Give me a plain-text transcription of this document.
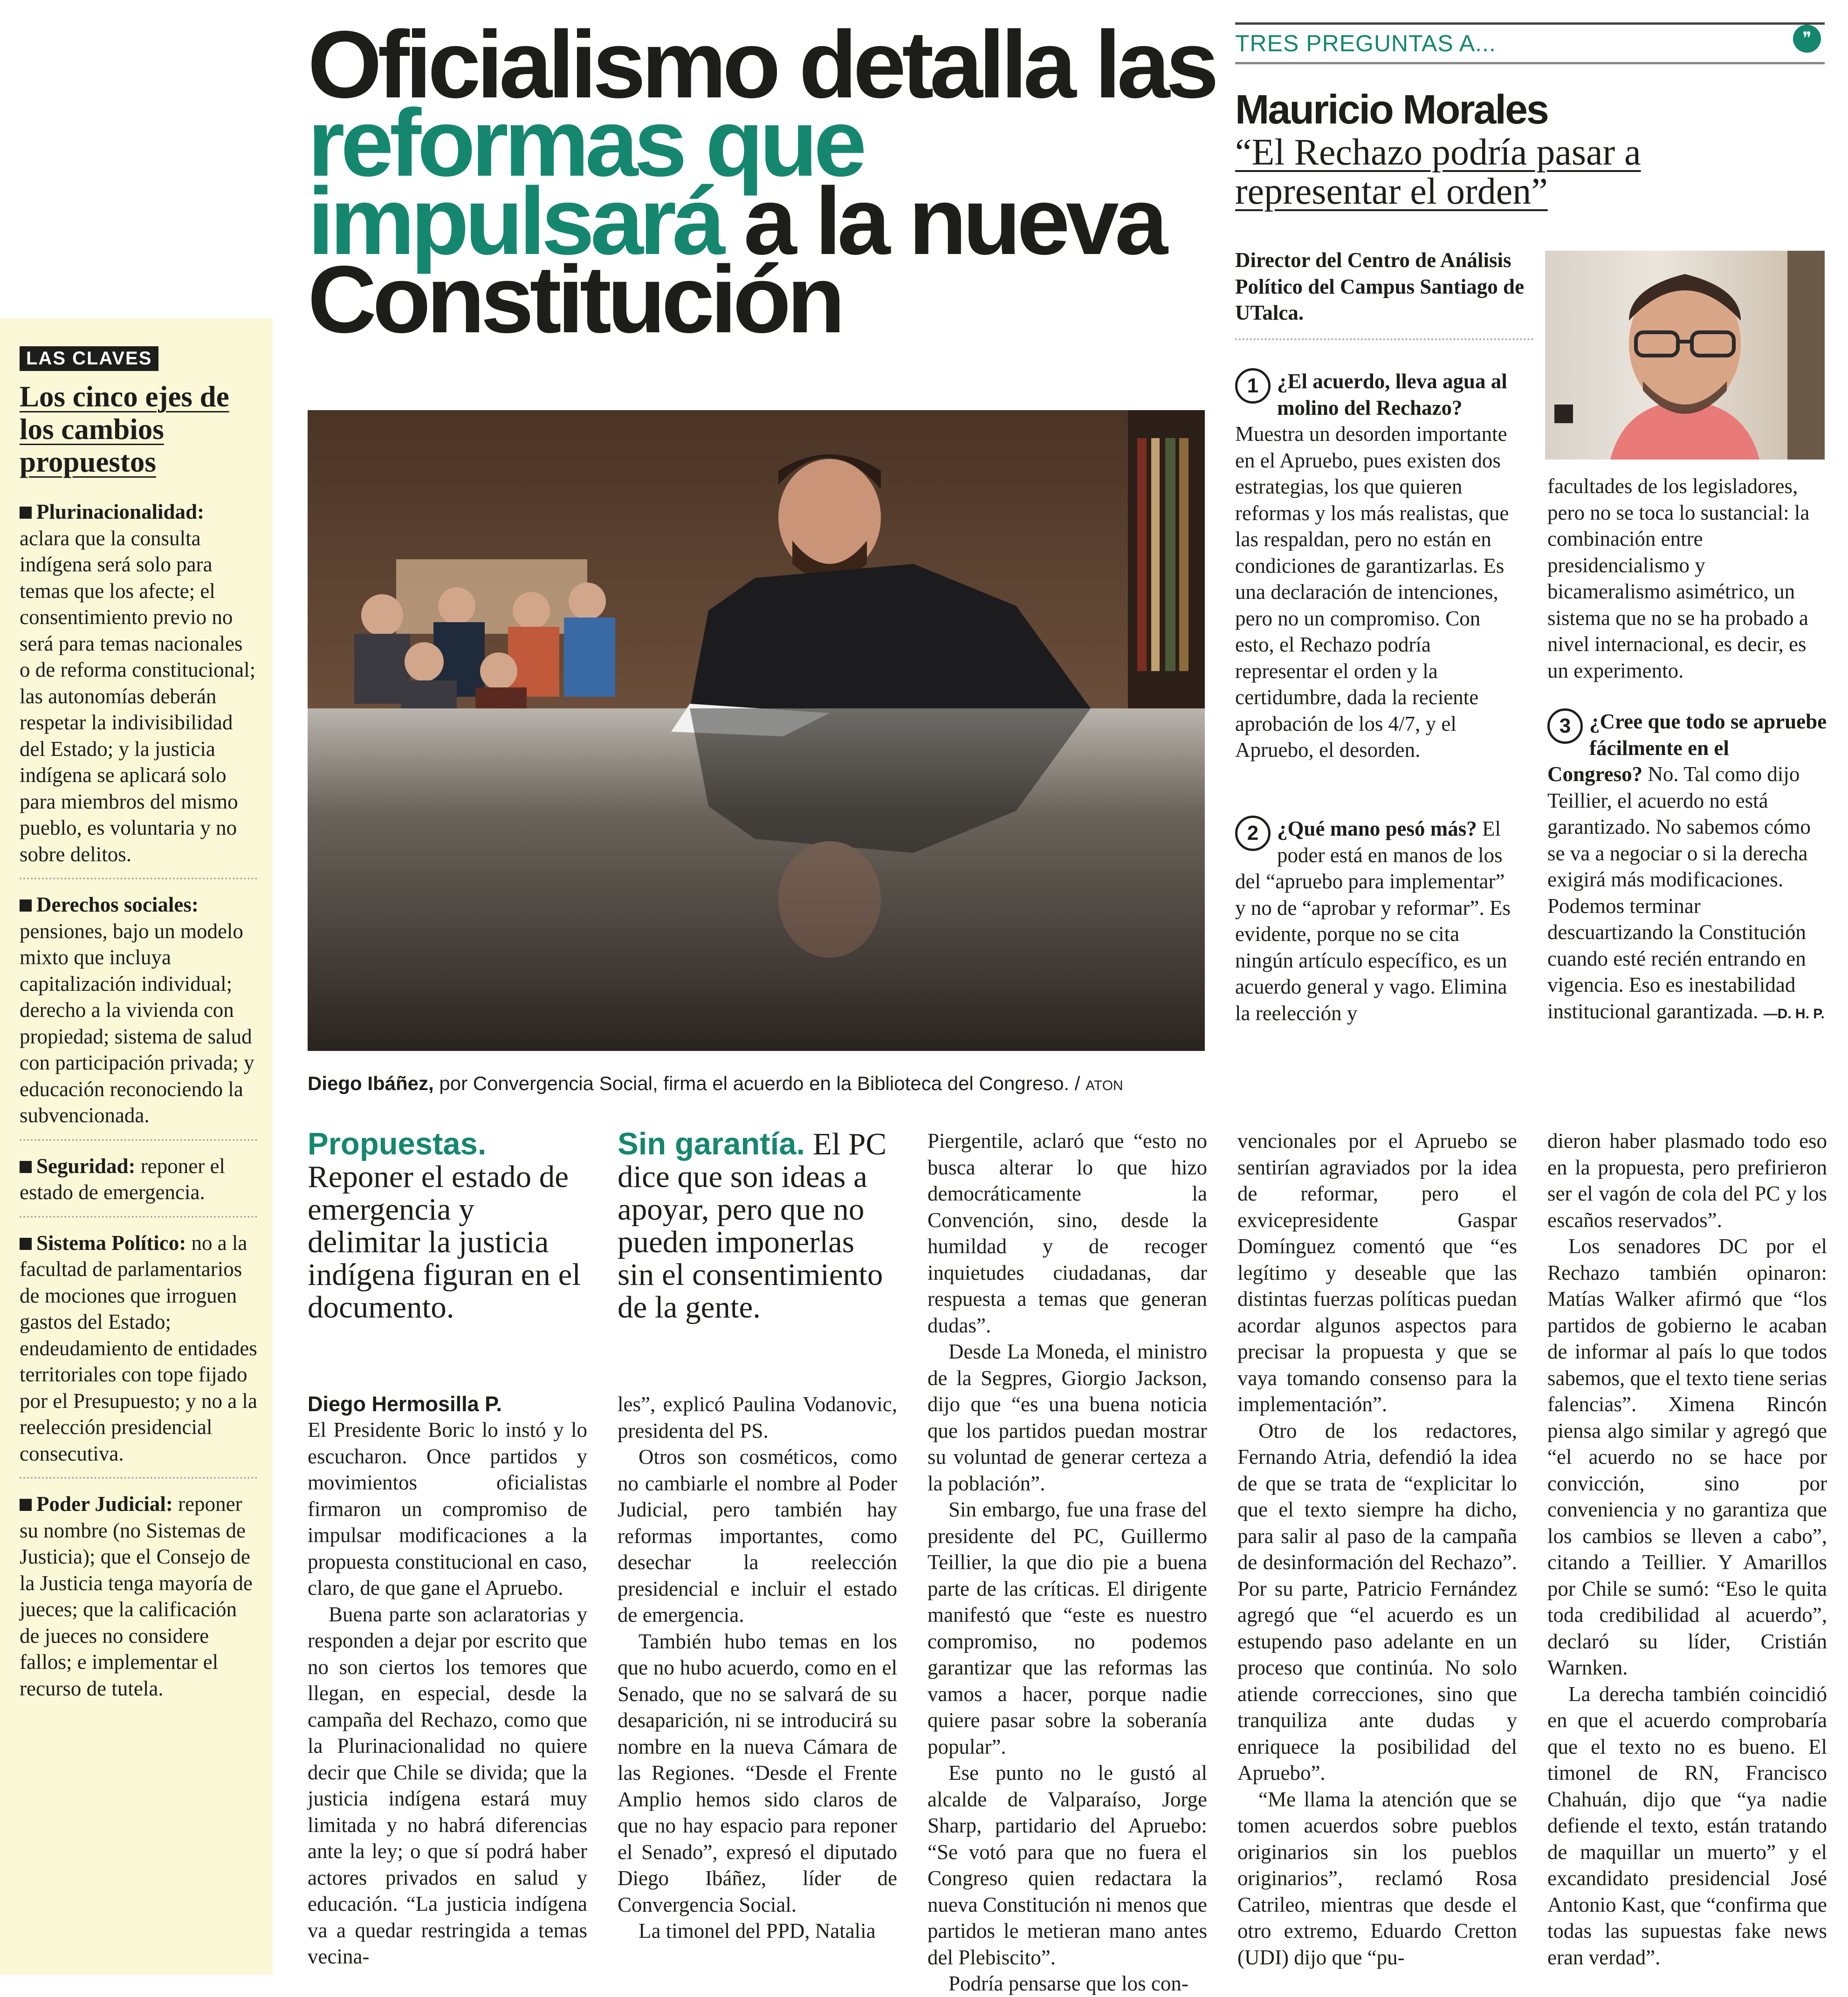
LAS CLAVES
Los cinco ejes de los cambios propuestos
Plurinacionalidad: aclara que la consulta indígena será solo para temas que los afecte; el consentimiento previo no será para temas nacionales o de reforma constitucional; las autonomías deberán respetar la indivisibilidad del Estado; y la justicia indígena se aplicará solo para miembros del mismo pueblo, es voluntaria y no sobre delitos.
Derechos sociales: pensiones, bajo un modelo mixto que incluya capitalización individual; derecho a la vivienda con propiedad; sistema de salud con participación privada; y educación reconociendo la subvencionada.
Seguridad: reponer el estado de emergencia.
Sistema Político: no a la facultad de parlamentarios de mociones que irroguen gastos del Estado; endeudamiento de entidades territoriales con tope fijado por el Presupuesto; y no a la reelección presidencial consecutiva.
Poder Judicial: reponer su nombre (no Sistemas de Justicia); que el Consejo de la Justicia tenga mayoría de jueces; que la calificación de jueces no considere fallos; e implementar el recurso de tutela.
Oficialismo detalla las reformas que
impulsará a la nueva Constitución
Diego Ibáñez, por Convergencia Social, firma el acuerdo en la Biblioteca del Congreso. / ATON
Propuestas. Reponer el estado de emergencia y delimitar la justicia indígena figuran en el documento.
Sin garantía. El PC dice que son ideas a apoyar, pero que no pueden imponerlas sin el consentimiento de la gente.
Diego Hermosilla P.

El Presidente Boric lo instó y lo escucharon. Once partidos y movimientos oficialistas firmaron un compromiso de impulsar modificaciones a la propuesta constitucional en caso, claro, de que gane el Apruebo.

Buena parte son aclaratorias y responden a dejar por escrito que no son ciertos los temores que llegan, en especial, desde la campaña del Rechazo, como que la Plurinacionalidad no quiere decir que Chile se divida; que la justicia indígena estará muy limitada y no habrá diferencias ante la ley; o que sí podrá haber actores privados en salud y educación. “La justicia indígena va a quedar restringida a temas vecina-

les”, explicó Paulina Vodanovic, presidenta del PS.

Otros son cosméticos, como no cambiarle el nombre al Poder Judicial, pero también hay reformas importantes, como desechar la reelección presidencial e incluir el estado de emergencia.

También hubo temas en los que no hubo acuerdo, como en el Senado, que no se salvará de su desaparición, ni se introducirá su nombre en la nueva Cámara de las Regiones. “Desde el Frente Amplio hemos sido claros de que no hay espacio para reponer el Senado”, expresó el diputado Diego Ibáñez, líder de Convergencia Social.

La timonel del PPD, Natalia

Piergentile, aclaró que “esto no busca alterar lo que hizo democráticamente la Convención, sino, desde la humildad y de recoger inquietudes ciudadanas, dar respuesta a temas que generan dudas”.

Desde La Moneda, el ministro de la Segpres, Giorgio Jackson, dijo que “es una buena noticia que los partidos puedan mostrar su voluntad de generar certeza a la población”.

Sin embargo, fue una frase del presidente del PC, Guillermo Teillier, la que dio pie a buena parte de las críticas. El dirigente manifestó que “este es nuestro compromiso, no podemos garantizar que las reformas las vamos a hacer, porque nadie quiere pasar sobre la soberanía popular”.

Ese punto no le gustó al alcalde de Valparaíso, Jorge Sharp, partidario del Apruebo: “Se votó para que no fuera el Congreso quien redactara la nueva Constitución ni menos que partidos le metieran mano antes del Plebiscito”.

Podría pensarse que los con-

vencionales por el Apruebo se sentirían agraviados por la idea de reformar, pero el exvicepresidente Gaspar Domínguez comentó que “es legítimo y deseable que las distintas fuerzas políticas puedan acordar algunos aspectos para precisar la propuesta y que se vaya tomando consenso para la implementación”.

Otro de los redactores, Fernando Atria, defendió la idea de que se trata de “explicitar lo que el texto siempre ha dicho, para salir al paso de la campaña de desinformación del Rechazo”. Por su parte, Patricio Fernández agregó que “el acuerdo es un estupendo paso adelante en un proceso que continúa. No solo atiende correcciones, sino que tranquiliza ante dudas y enriquece la posibilidad del Apruebo”.

“Me llama la atención que se tomen acuerdos sobre pueblos originarios sin los pueblos originarios”, reclamó Rosa Catrileo, mientras que desde el otro extremo, Eduardo Cretton (UDI) dijo que “pu-

dieron haber plasmado todo eso en la propuesta, pero prefirieron ser el vagón de cola del PC y los escaños reservados”.

Los senadores DC por el Rechazo también opinaron: Matías Walker afirmó que “los partidos de gobierno le acaban de informar al país lo que todos sabemos, que el texto tiene serias falencias”. Ximena Rincón piensa algo similar y agregó que “el acuerdo no se hace por convicción, sino por conveniencia y no garantiza que los cambios se lleven a cabo”, citando a Teillier. Y Amarillos por Chile se sumó: “Eso le quita toda credibilidad al acuerdo”, declaró su líder, Cristián Warnken.

La derecha también coincidió en que el acuerdo comprobaría que el texto no es bueno. El timonel de RN, Francisco Chahuán, dijo que “ya nadie defiende el texto, están tratando de maquillar un muerto” y el excandidato presidencial José Antonio Kast, que “confirma que todas las supuestas fake news eran verdad”.

TRES PREGUNTAS A...	❞
Mauricio Morales
“El Rechazo podría pasar a representar el orden”
Director del Centro de Análisis Político del Campus Santiago de UTalca.
1 ¿El acuerdo, lleva agua al molino del Rechazo? Muestra un desorden importante en el Apruebo, pues existen dos estrategias, los que quieren reformas y los más realistas, que las respaldan, pero no están en condiciones de garantizarlas. Es una declaración de intenciones, pero no un compromiso. Con esto, el Rechazo podría representar el orden y la certidumbre, dada la reciente aprobación de los 4/7, y el Apruebo, el desorden.
2 ¿Qué mano pesó más? El poder está en manos de los del “apruebo para implementar” y no de “aprobar y reformar”. Es evidente, porque no se cita ningún artículo específico, es un acuerdo general y vago. Elimina la reelección y
facultades de los legisladores, pero no se toca lo sustancial: la combinación entre presidencialismo y bicameralismo asimétrico, un sistema que no se ha probado a nivel internacional, es decir, es un experimento.
3 ¿Cree que todo se apruebe fácilmente en el Congreso? No. Tal como dijo Teillier, el acuerdo no está garantizado. No sabemos cómo se va a negociar o si la derecha exigirá más modificaciones. Podemos terminar descuartizando la Constitución cuando esté recién entrando en vigencia. Eso es inestabilidad institucional garantizada. —D. H. P.
